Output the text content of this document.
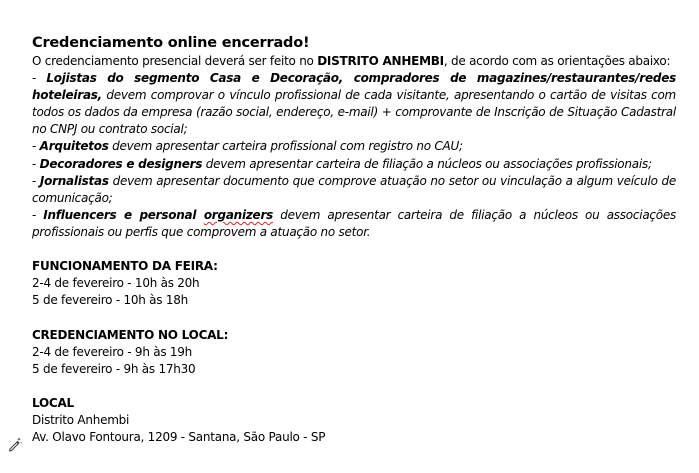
Credenciamento online encerrado!

O credenciamento presencial deverá ser feito no DISTRITO ANHEMBI, de acordo com as orientações abaixo:

- Lojistas do segmento Casa e Decoração, compradores de magazines/restaurantes/redes hoteleiras, devem comprovar o vínculo profissional de cada visitante, apresentando o cartão de visitas com todos os dados da empresa (razão social, endereço, e-mail) + comprovante de Inscrição de Situação Cadastral no CNPJ ou contrato social;

- Arquitetos devem apresentar carteira profissional com registro no CAU;

- Decoradores e designers devem apresentar carteira de filiação a núcleos ou associações profissionais;

- Jornalistas devem apresentar documento que comprove atuação no setor ou vinculação a algum veículo de comunicação;

- Influencers e personal organizers devem apresentar carteira de filiação a núcleos ou associações profissionais ou perfis que comprovem a atuação no setor.

FUNCIONAMENTO DA FEIRA:

2-4 de fevereiro - 10h às 20h

5 de fevereiro - 10h às 18h

CREDENCIAMENTO NO LOCAL:

2-4 de fevereiro - 9h às 19h

5 de fevereiro - 9h às 17h30

LOCAL

Distrito Anhembi

Av. Olavo Fontoura, 1209 - Santana, São Paulo - SP
